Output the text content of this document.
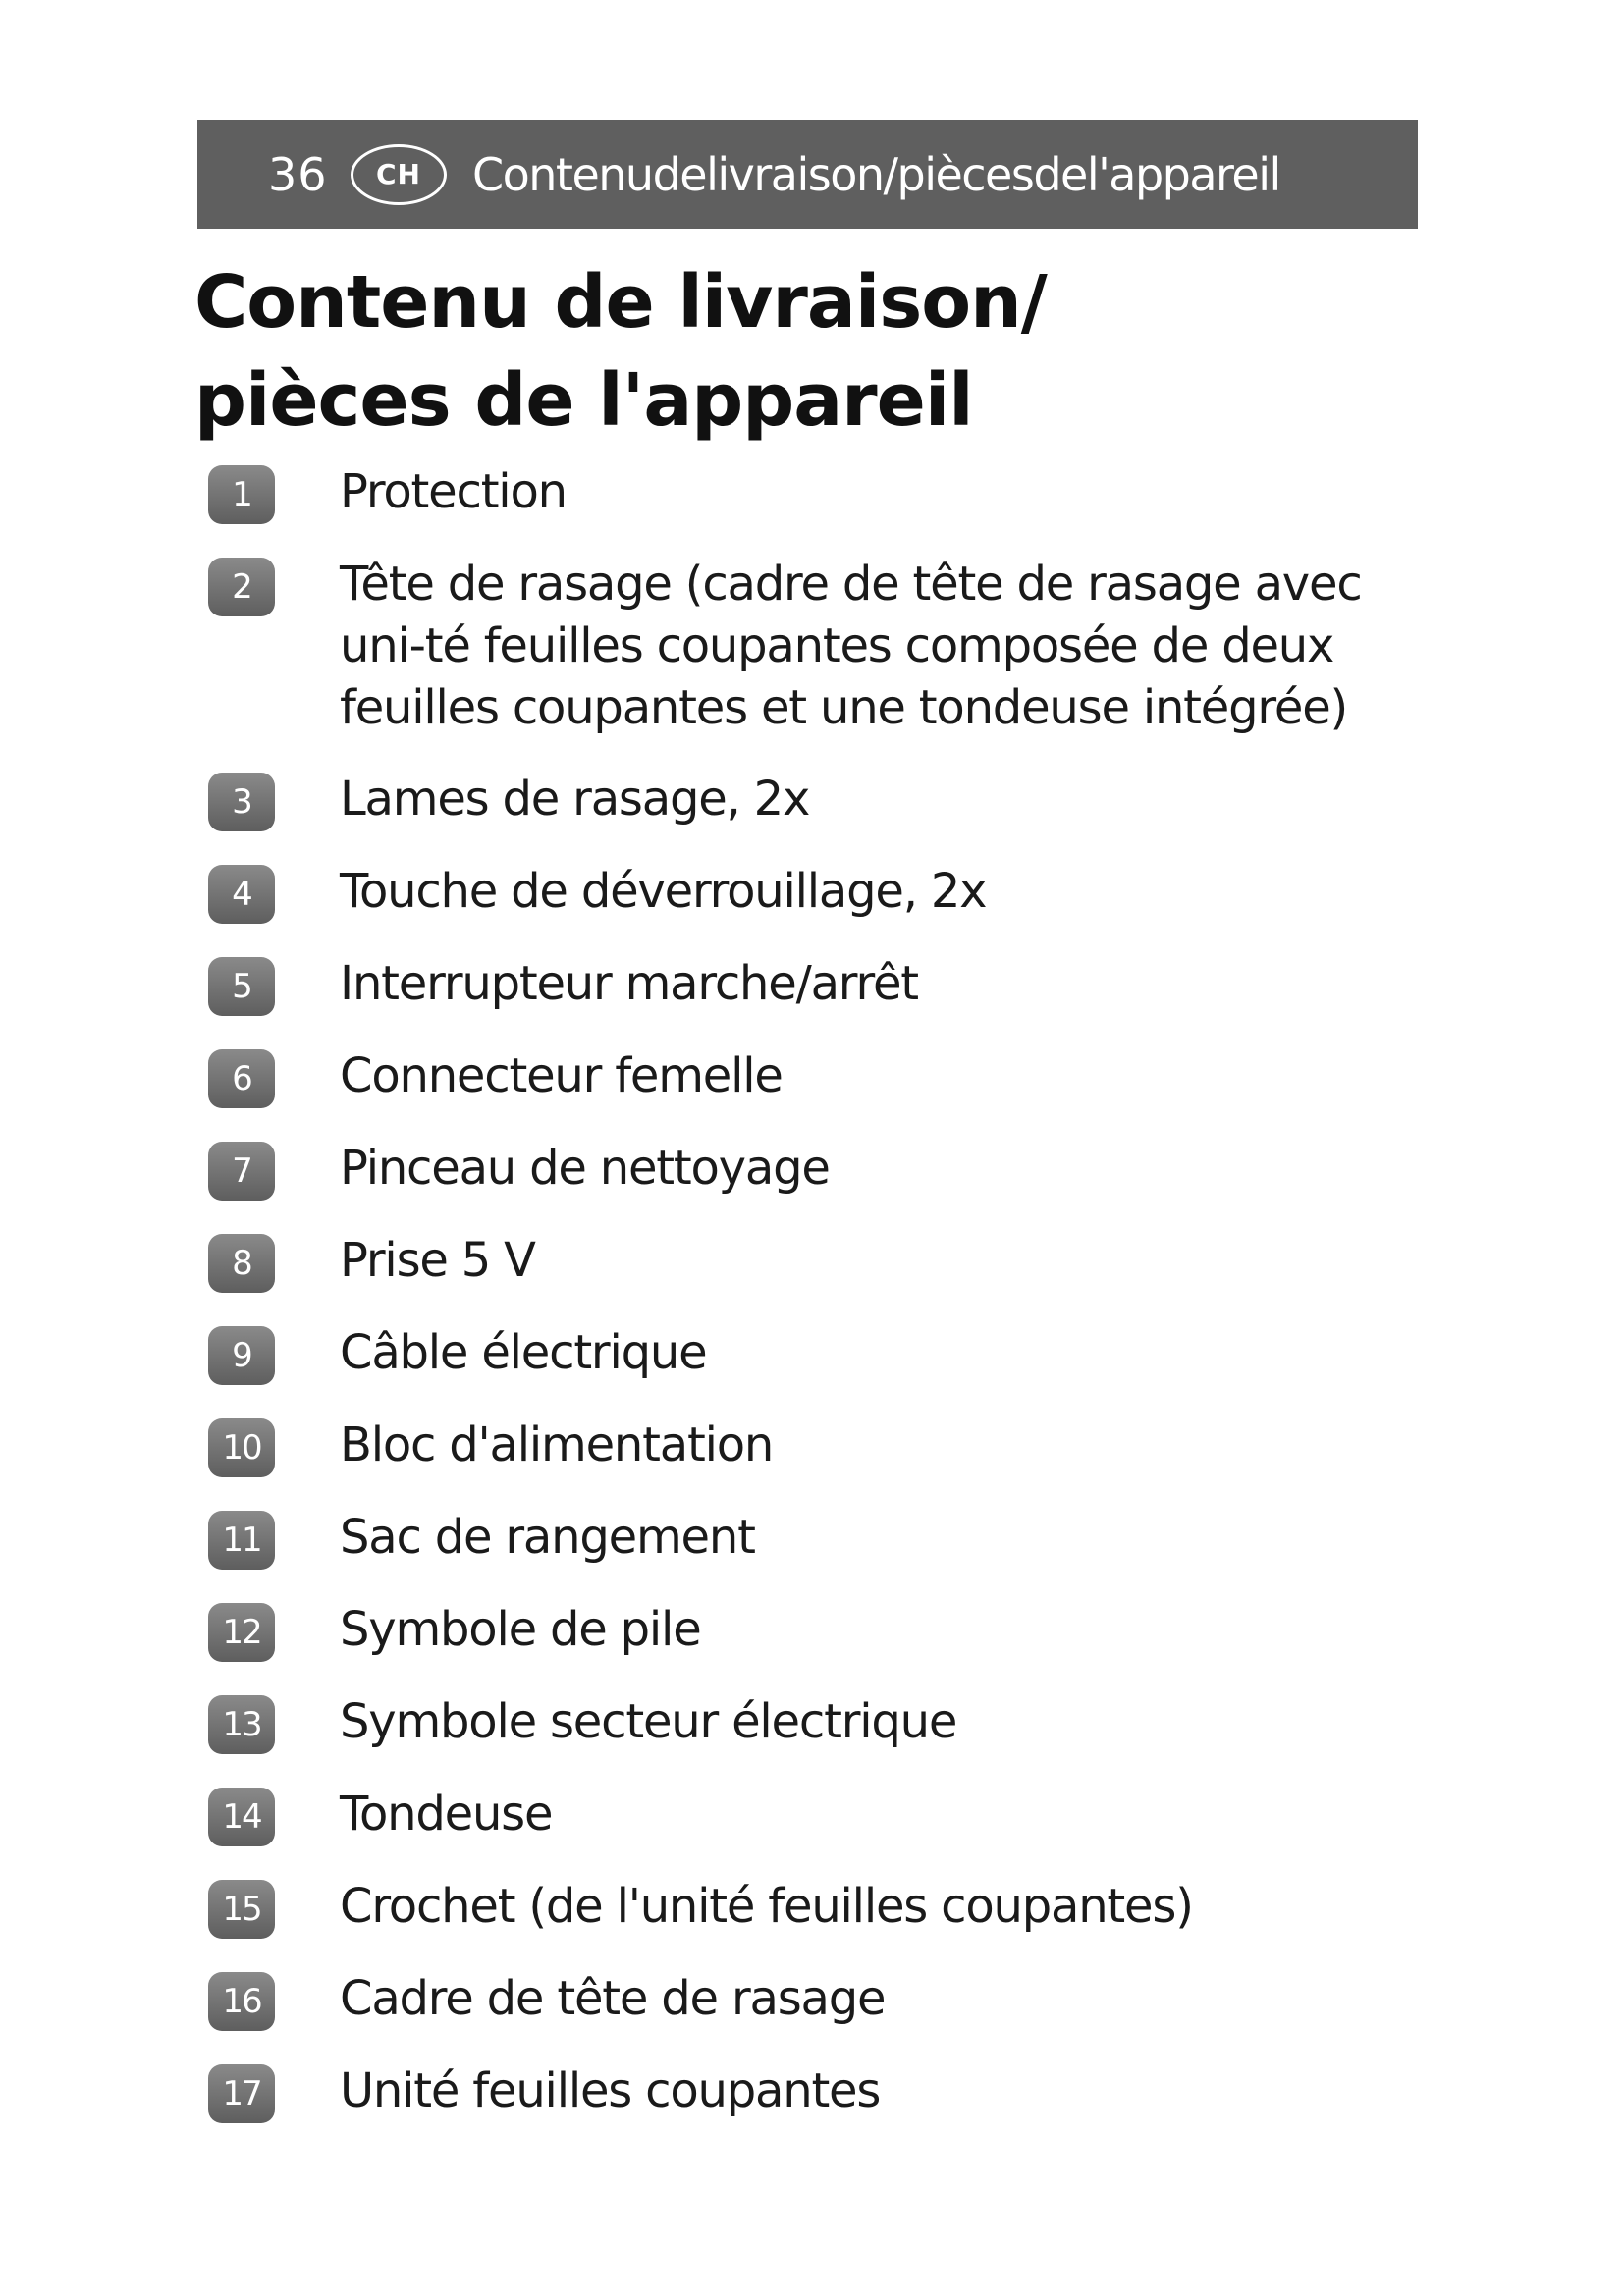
36	CH	Contenudelivraison/piècesdel'appareil
Contenu de livraison/
pièces de l'appareil
1	Protection
2	Tête de rasage (cadre de tête de rasage avec uni-té feuilles coupantes composée de deux feuilles coupantes et une tondeuse intégrée)
3	Lames de rasage, 2x
4	Touche de déverrouillage, 2x
5	Interrupteur marche/arrêt
6	Connecteur femelle
7	Pinceau de nettoyage
8	Prise 5 V
9	Câble électrique
10 Bloc d'alimentation
11 Sac de rangement
12 Symbole de pile
13 Symbole secteur électrique
14 Tondeuse
15 Crochet (de l'unité feuilles coupantes)
16 Cadre de tête de rasage
17 Unité feuilles coupantes
